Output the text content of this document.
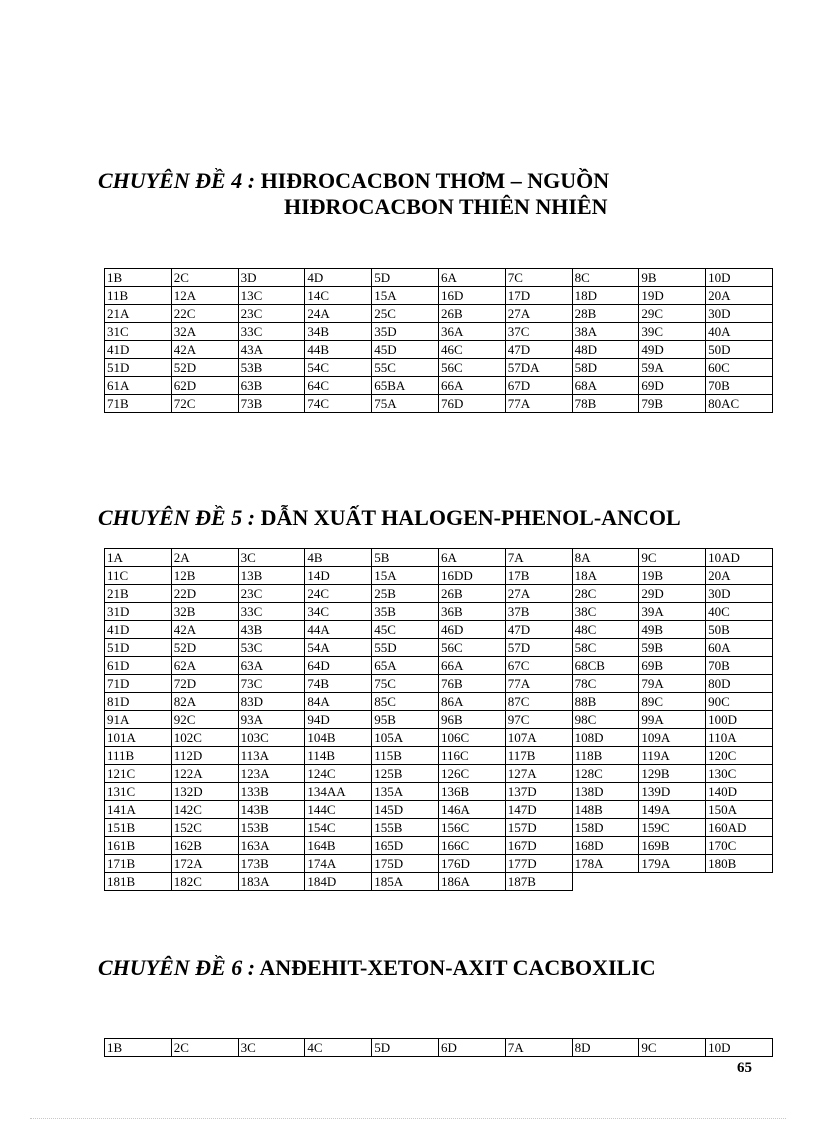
CHUYÊN ĐỀ 4 : HIĐROCACBON THƠM – NGUỒN
HIĐROCACBON THIÊN NHIÊN
1B	2C	3D	4D	5D	6A	7C	8C	9B	10D
11B	12A	13C	14C	15A	16D	17D	18D	19D	20A
21A	22C	23C	24A	25C	26B	27A	28B	29C	30D
31C	32A	33C	34B	35D	36A	37C	38A	39C	40A
41D	42A	43A	44B	45D	46C	47D	48D	49D	50D
51D	52D	53B	54C	55C	56C	57DA	58D	59A	60C
61A	62D	63B	64C	65BA	66A	67D	68A	69D	70B
71B	72C	73B	74C	75A	76D	77A	78B	79B	80AC
CHUYÊN ĐỀ 5 : DẪN XUẤT HALOGEN-PHENOL-ANCOL
1A	2A	3C	4B	5B	6A	7A	8A	9C	10AD
11C	12B	13B	14D	15A	16DD	17B	18A	19B	20A
21B	22D	23C	24C	25B	26B	27A	28C	29D	30D
31D	32B	33C	34C	35B	36B	37B	38C	39A	40C
41D	42A	43B	44A	45C	46D	47D	48C	49B	50B
51D	52D	53C	54A	55D	56C	57D	58C	59B	60A
61D	62A	63A	64D	65A	66A	67C	68CB	69B	70B
71D	72D	73C	74B	75C	76B	77A	78C	79A	80D
81D	82A	83D	84A	85C	86A	87C	88B	89C	90C
91A	92C	93A	94D	95B	96B	97C	98C	99A	100D
101A	102C	103C	104B	105A	106C	107A	108D	109A	110A
111B	112D	113A	114B	115B	116C	117B	118B	119A	120C
121C	122A	123A	124C	125B	126C	127A	128C	129B	130C
131C	132D	133B	134AA	135A	136B	137D	138D	139D	140D
141A	142C	143B	144C	145D	146A	147D	148B	149A	150A
151B	152C	153B	154C	155B	156C	157D	158D	159C	160AD
161B	162B	163A	164B	165D	166C	167D	168D	169B	170C
171B	172A	173B	174A	175D	176D	177D	178A	179A	180B
181B	182C	183A	184D	185A	186A	187B			
CHUYÊN ĐỀ 6 : ANĐEHIT-XETON-AXIT CACBOXILIC
1B	2C	3C	4C	5D	6D	7A	8D	9C	10D
65
